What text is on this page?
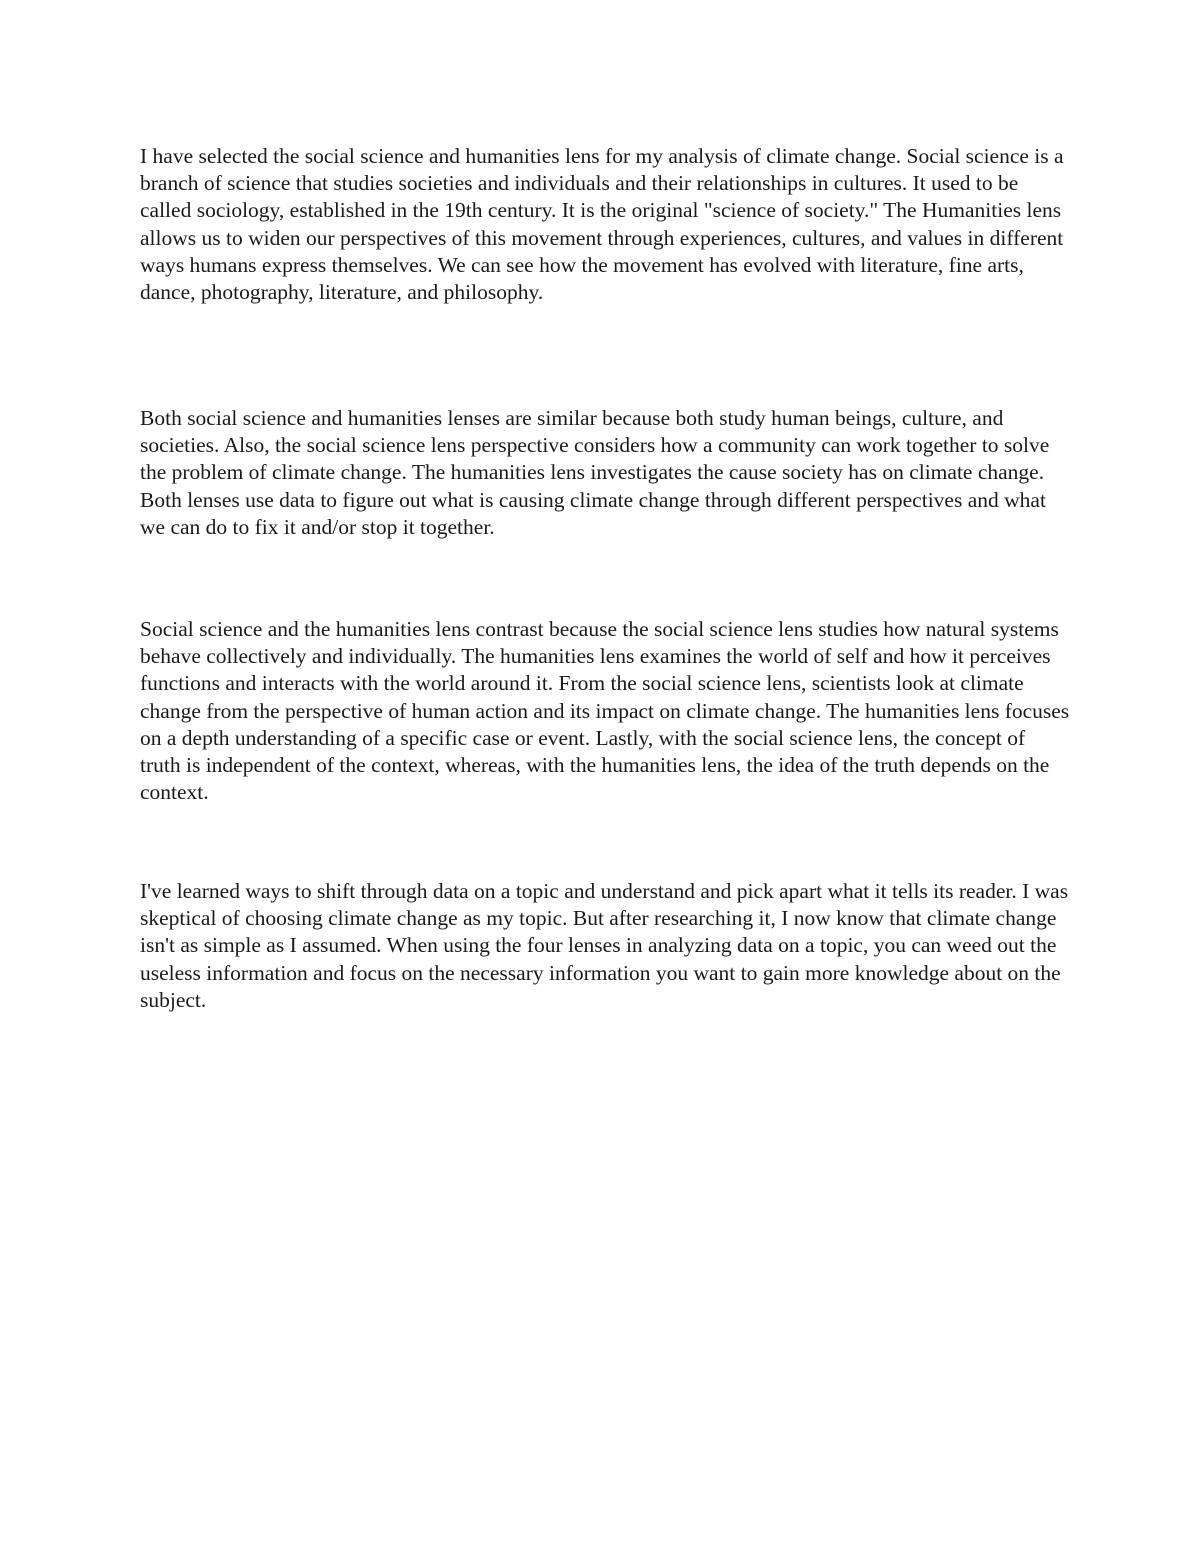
I have selected the social science and humanities lens for my analysis of climate change. Social science is a branch of science that studies societies and individuals and their relationships in cultures. It used to be called sociology, established in the 19th century. It is the original "science of society." The Humanities lens allows us to widen our perspectives of this movement through experiences, cultures, and values in different ways humans express themselves. We can see how the movement has evolved with literature, fine arts, dance, photography, literature, and philosophy.

Both social science and humanities lenses are similar because both study human beings, culture, and societies. Also, the social science lens perspective considers how a community can work together to solve the problem of climate change. The humanities lens investigates the cause society has on climate change. Both lenses use data to figure out what is causing climate change through different perspectives and what we can do to fix it and/or stop it together.

Social science and the humanities lens contrast because the social science lens studies how natural systems behave collectively and individually. The humanities lens examines the world of self and how it perceives functions and interacts with the world around it. From the social science lens, scientists look at climate change from the perspective of human action and its impact on climate change. The humanities lens focuses on a depth understanding of a specific case or event. Lastly, with the social science lens, the concept of truth is independent of the context, whereas, with the humanities lens, the idea of the truth depends on the context.

I've learned ways to shift through data on a topic and understand and pick apart what it tells its reader. I was skeptical of choosing climate change as my topic. But after researching it, I now know that climate change isn't as simple as I assumed. When using the four lenses in analyzing data on a topic, you can weed out the useless information and focus on the necessary information you want to gain more knowledge about on the subject.
